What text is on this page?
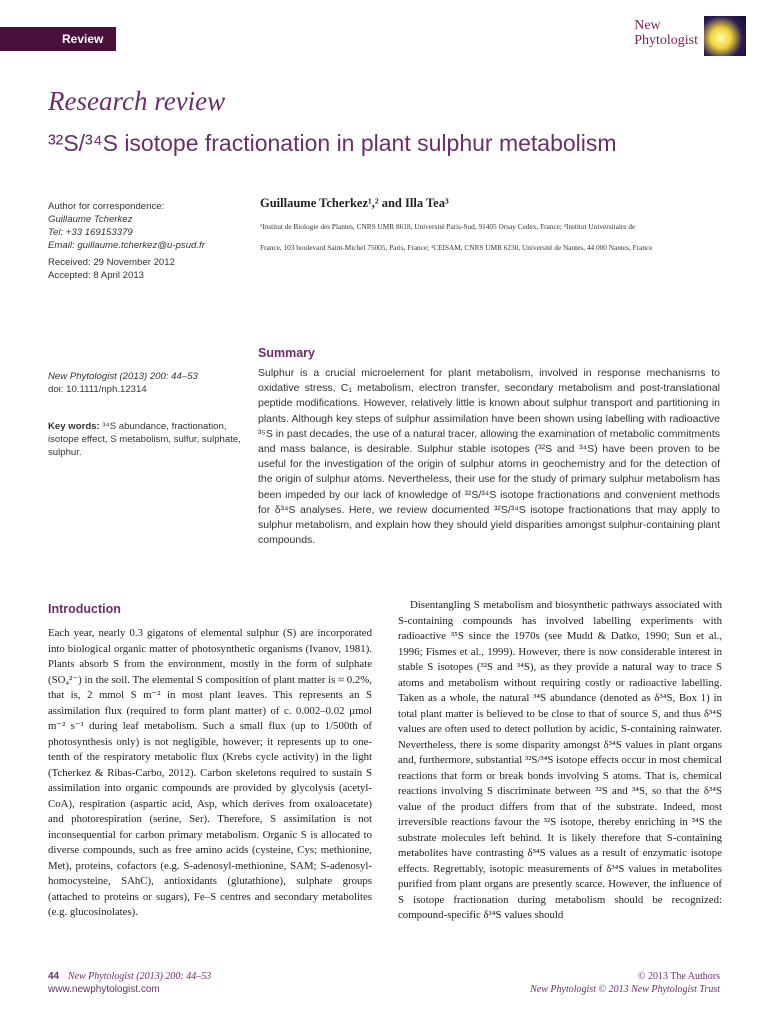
Review
New
Phytologist
Research review
³²S/³⁴S isotope fractionation in plant sulphur metabolism
Author for correspondence:
Guillaume Tcherkez
Tel: +33 169153379
Email: guillaume.tcherkez@u-psud.fr
Received: 29 November 2012
Accepted: 8 April 2013
Guillaume Tcherkez¹,² and Illa Tea³
¹Institut de Biologie des Plantes, CNRS UMR 8618, Université Paris-Sud, 91405 Orsay Cedex, France; ²Institut Universitaire de
France, 103 boulevard Saint-Michel 75005, Paris, France; ³CEISAM, CNRS UMR 6230, Université de Nantes, 44 000 Nantes, France
New Phytologist (2013) 200: 44–53
doi: 10.1111/nph.12314
Key words: ³⁴S abundance, fractionation, isotope effect, S metabolism, sulfur, sulphate, sulphur.
Summary
Sulphur is a crucial microelement for plant metabolism, involved in response mechanisms to oxidative stress, C₁ metabolism, electron transfer, secondary metabolism and post-translational peptide modifications. However, relatively little is known about sulphur transport and partitioning in plants. Although key steps of sulphur assimilation have been shown using labelling with radioactive ³⁵S in past decades, the use of a natural tracer, allowing the examination of metabolic commitments and mass balance, is desirable. Sulphur stable isotopes (³²S and ³⁴S) have been proven to be useful for the investigation of the origin of sulphur atoms in geochemistry and for the detection of the origin of sulphur atoms. Nevertheless, their use for the study of primary sulphur metabolism has been impeded by our lack of knowledge of ³²S/³⁴S isotope fractionations and convenient methods for δ³⁴S analyses. Here, we review documented ³²S/³⁴S isotope fractionations that may apply to sulphur metabolism, and explain how they should yield disparities amongst sulphur-containing plant compounds.
Introduction
Each year, nearly 0.3 gigatons of elemental sulphur (S) are incorporated into biological organic matter of photosynthetic organisms (Ivanov, 1981). Plants absorb S from the environment, mostly in the form of sulphate (SO₄²⁻) in the soil. The elemental S composition of plant matter is ≈ 0.2%, that is, 2 mmol S m⁻² in most plant leaves. This represents an S assimilation flux (required to form plant matter) of c. 0.002–0.02 µmol m⁻² s⁻¹ during leaf metabolism. Such a small flux (up to 1/500th of photosynthesis only) is not negligible, however; it represents up to one-tenth of the respiratory metabolic flux (Krebs cycle activity) in the light (Tcherkez & Ribas-Carbo, 2012). Carbon skeletons required to sustain S assimilation into organic compounds are provided by glycolysis (acetyl-CoA), respiration (aspartic acid, Asp, which derives from oxaloacetate) and photorespiration (serine, Ser). Therefore, S assimilation is not inconsequential for carbon primary metabolism. Organic S is allocated to diverse compounds, such as free amino acids (cysteine, Cys; methionine, Met), proteins, cofactors (e.g. S-adenosyl-methionine, SAM; S-adenosyl-homocysteine, SAhC), antioxidants (glutathione), sulphate groups (attached to proteins or sugars), Fe–S centres and secondary metabolites (e.g. glucosinolates).
Disentangling S metabolism and biosynthetic pathways associated with S-containing compounds has involved labelling experiments with radioactive ³⁵S since the 1970s (see Mudd & Datko, 1990; Sun et al., 1996; Fismes et al., 1999). However, there is now considerable interest in stable S isotopes (³²S and ³⁴S), as they provide a natural way to trace S atoms and metabolism without requiring costly or radioactive labelling. Taken as a whole, the natural ³⁴S abundance (denoted as δ³⁴S, Box 1) in total plant matter is believed to be close to that of source S, and thus δ³⁴S values are often used to detect pollution by acidic, S-containing rainwater. Nevertheless, there is some disparity amongst δ³⁴S values in plant organs and, furthermore, substantial ³²S/³⁴S isotope effects occur in most chemical reactions that form or break bonds involving S atoms. That is, chemical reactions involving S discriminate between ³²S and ³⁴S, so that the δ³⁴S value of the product differs from that of the substrate. Indeed, most irreversible reactions favour the ³²S isotope, thereby enriching in ³⁴S the substrate molecules left behind. It is likely therefore that S-containing metabolites have contrasting δ³⁴S values as a result of enzymatic isotope effects. Regrettably, isotopic measurements of δ³⁴S values in metabolites purified from plant organs are presently scarce. However, the influence of S isotope fractionation during metabolism should be recognized: compound-specific δ³⁴S values should
44 New Phytologist (2013) 200: 44–53
www.newphytologist.com
© 2013 The Authors
New Phytologist © 2013 New Phytologist Trust
